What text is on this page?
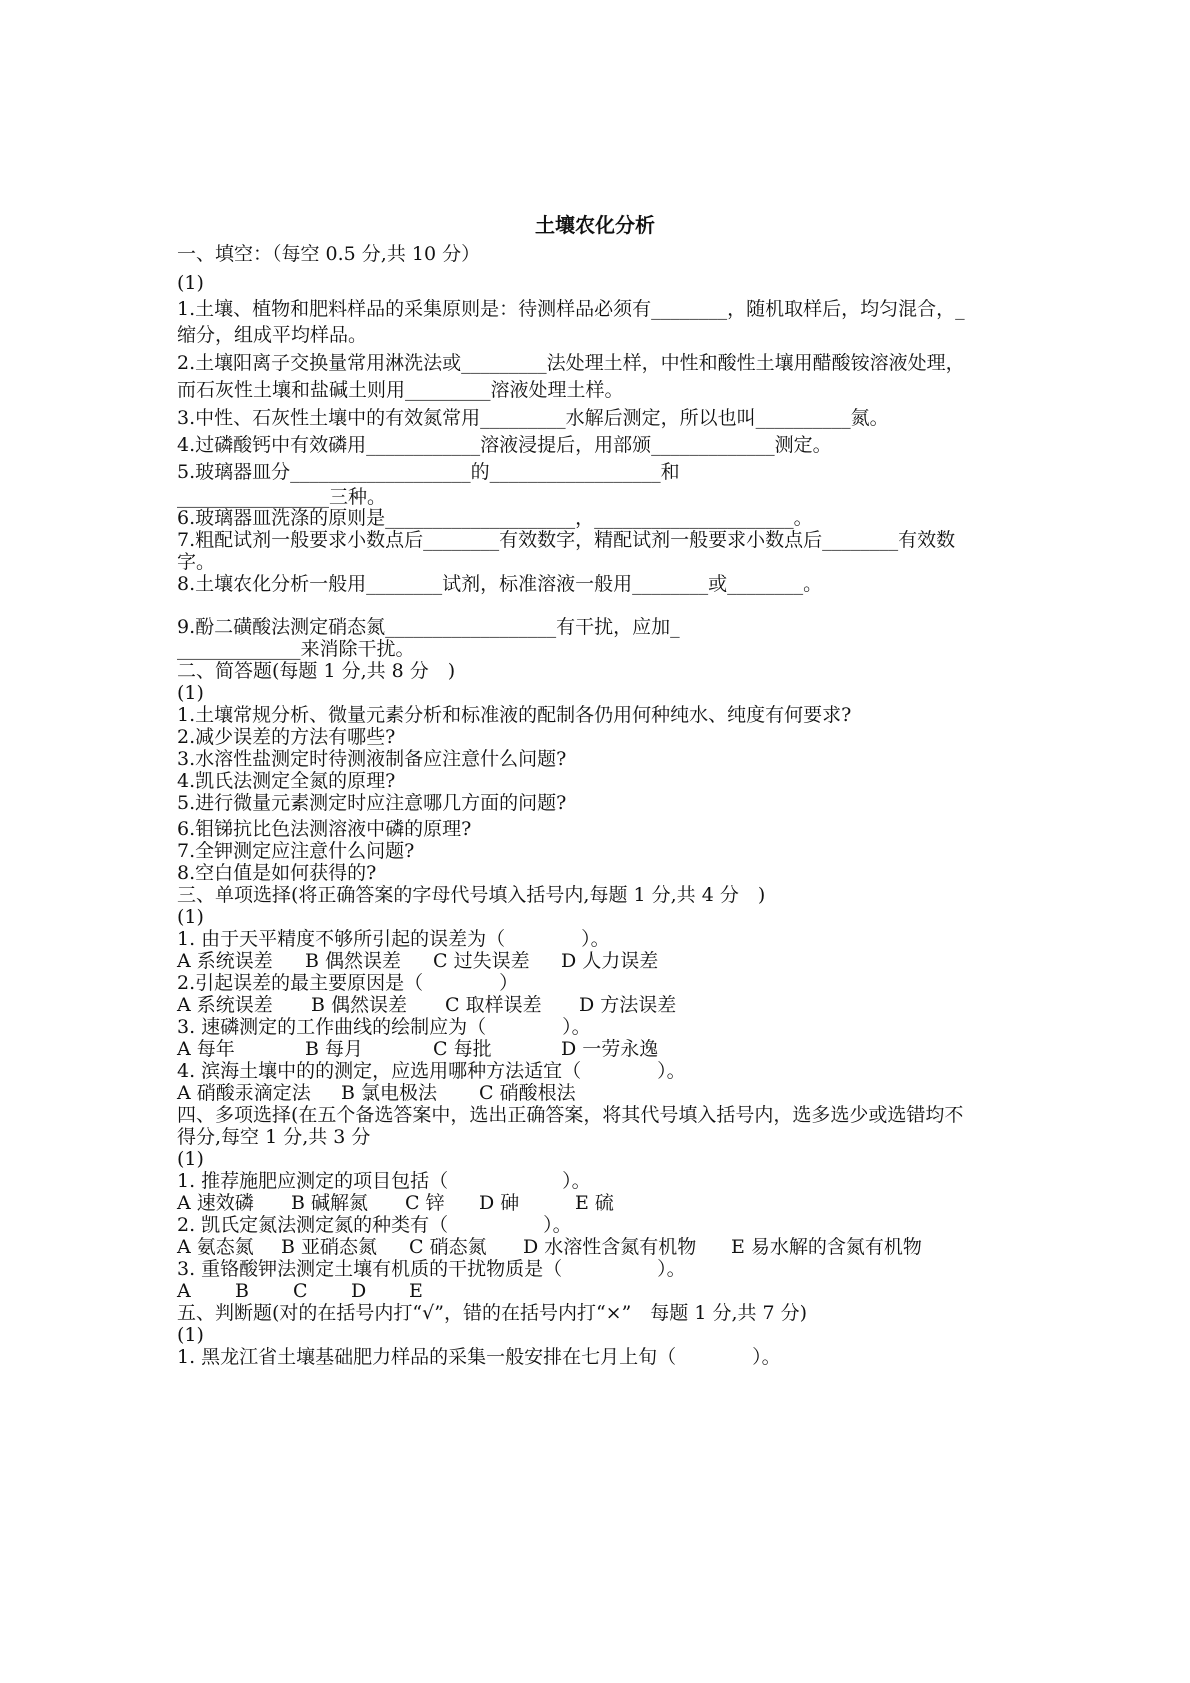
土壤农化分析
一、填空：（每空 0.5 分,共 10 分）
(1)
1.土壤、植物和肥料样品的采集原则是：待测样品必须有________，随机取样后，均匀混合，_
缩分，组成平均样品。
2.土壤阳离子交换量常用淋洗法或_________法处理土样，中性和酸性土壤用醋酸铵溶液处理，
而石灰性土壤和盐碱土则用_________溶液处理土样。
3.中性、石灰性土壤中的有效氮常用_________水解后测定，所以也叫__________氮。
4.过磷酸钙中有效磷用____________溶液浸提后，用部颁_____________测定。
5.玻璃器皿分___________________的__________________和
________________三种。
6.玻璃器皿洗涤的原则是____________________，_____________________。
7.粗配试剂一般要求小数点后________有效数字，精配试剂一般要求小数点后________有效数
字。
8.土壤农化分析一般用________试剂，标准溶液一般用________或________。
9.酚二磺酸法测定硝态氮__________________有干扰，应加_
_____________来消除干扰。
二、简答题(每题 1 分,共 8 分　)
(1)
1.土壤常规分析、微量元素分析和标准液的配制各仍用何种纯水、纯度有何要求?
2.减少误差的方法有哪些?
3.水溶性盐测定时待测液制备应注意什么问题?
4.凯氏法测定全氮的原理?
5.进行微量元素测定时应注意哪几方面的问题?
6.钼锑抗比色法测溶液中磷的原理?
7.全钾测定应注意什么问题?
8.空白值是如何获得的?
三、单项选择(将正确答案的字母代号填入括号内,每题 1 分,共 4 分　)
(1)
1. 由于天平精度不够所引起的误差为（　　　　）。
A 系统误差 B 偶然误差 C 过失误差 D 人力误差
2.引起误差的最主要原因是（　　　　）
A 系统误差 B 偶然误差 C 取样误差 D 方法误差
3. 速磷测定的工作曲线的绘制应为（　　　　）。
A 每年	B 每月	C 每批	D 一劳永逸
4. 滨海土壤中的的测定，应选用哪种方法适宜（　　　　）。
A 硝酸汞滴定法 B 氯电极法 C 硝酸根法
四、多项选择(在五个备选答案中，选出正确答案，将其代号填入括号内，选多选少或选错均不
得分,每空 1 分,共 3 分
(1)
1. 推荐施肥应测定的项目包括（　　　　　　）。
A 速效磷 B 碱解氮 C 锌 D 砷	E 硫
2. 凯氏定氮法测定氮的种类有（　　　　　）。
A 氨态氮 B 亚硝态氮 C 硝态氮 D 水溶性含氮有机物 E 易水解的含氮有机物
3. 重铬酸钾法测定土壤有机质的干扰物质是（　　　　　）。
A B C D E
五、判断题(对的在括号内打“√”，错的在括号内打“×”　每题 1 分,共 7 分)
(1)
1. 黑龙江省土壤基础肥力样品的采集一般安排在七月上旬（　　　　）。
